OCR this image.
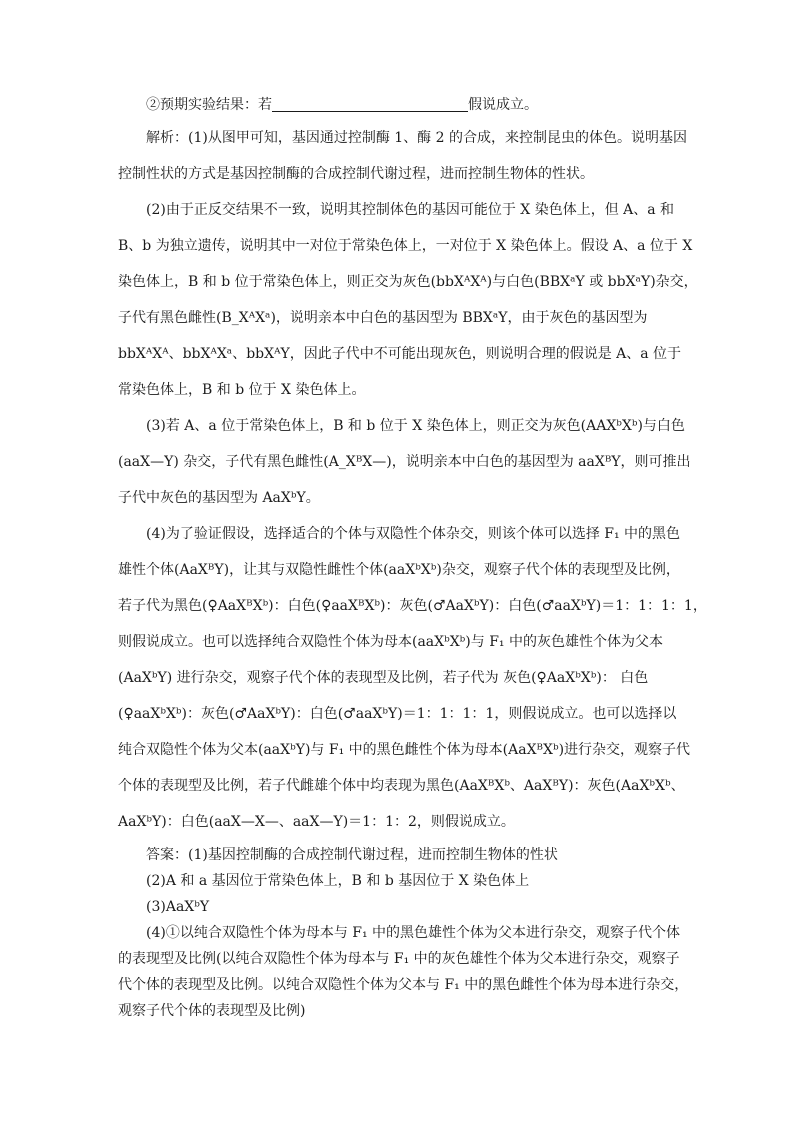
②预期实验结果：若	假说成立。

解析：(1)从图甲可知，基因通过控制酶 1、酶 2 的合成，来控制昆虫的体色。说明基因
控制性状的方式是基因控制酶的合成控制代谢过程，进而控制生物体的性状。
(2)由于正反交结果不一致，说明其控制体色的基因可能位于 X 染色体上，但 A、a 和
B、b 为独立遗传，说明其中一对位于常染色体上，一对位于 X 染色体上。假设 A、a 位于 X
染色体上，B 和 b 位于常染色体上，则正交为灰色(bbXᴬXᴬ)与白色(BBXᵃY 或 bbXᵃY)杂交，
子代有黑色雌性(B_XᴬXᵃ)，说明亲本中白色的基因型为 BBXᵃY，由于灰色的基因型为
bbXᴬXᴬ、bbXᴬXᵃ、bbXᴬY，因此子代中不可能出现灰色，则说明合理的假说是 A、a 位于
常染色体上，B 和 b 位于 X 染色体上。
(3)若 A、a 位于常染色体上，B 和 b 位于 X 染色体上，则正交为灰色(AAXᵇXᵇ)与白色
(aaX—Y) 杂交，子代有黑色雌性(A_XᴮX—)，说明亲本中白色的基因型为 aaXᴮY，则可推出
子代中灰色的基因型为 AaXᵇY。
(4)为了验证假设，选择适合的个体与双隐性个体杂交，则该个体可以选择 F₁ 中的黑色
雄性个体(AaXᴮY)，让其与双隐性雌性个体(aaXᵇXᵇ)杂交，观察子代个体的表现型及比例，
若子代为黑色(♀AaXᴮXᵇ)：白色(♀aaXᴮXᵇ)：灰色(♂AaXᵇY)：白色(♂aaXᵇY)＝1：1：1：1，
则假说成立。也可以选择纯合双隐性个体为母本(aaXᵇXᵇ)与 F₁ 中的灰色雄性个体为父本
(AaXᵇY) 进行杂交，观察子代个体的表现型及比例，若子代为 灰色(♀AaXᵇXᵇ)： 白色
(♀aaXᵇXᵇ)：灰色(♂AaXᵇY)：白色(♂aaXᵇY)＝1：1：1：1，则假说成立。也可以选择以
纯合双隐性个体为父本(aaXᵇY)与 F₁ 中的黑色雌性个体为母本(AaXᴮXᵇ)进行杂交，观察子代
个体的表现型及比例，若子代雌雄个体中均表现为黑色(AaXᴮXᵇ、AaXᴮY)：灰色(AaXᵇXᵇ、
AaXᵇY)：白色(aaX—X—、aaX—Y)＝1：1：2，则假说成立。
答案：(1)基因控制酶的合成控制代谢过程，进而控制生物体的性状
(2)A 和 a 基因位于常染色体上，B 和 b 基因位于 X 染色体上
(3)AaXᵇY
(4)①以纯合双隐性个体为母本与 F₁ 中的黑色雄性个体为父本进行杂交，观察子代个体
的表现型及比例(以纯合双隐性个体为母本与 F₁ 中的灰色雄性个体为父本进行杂交，观察子
代个体的表现型及比例。以纯合双隐性个体为父本与 F₁ 中的黑色雌性个体为母本进行杂交，
观察子代个体的表现型及比例)
